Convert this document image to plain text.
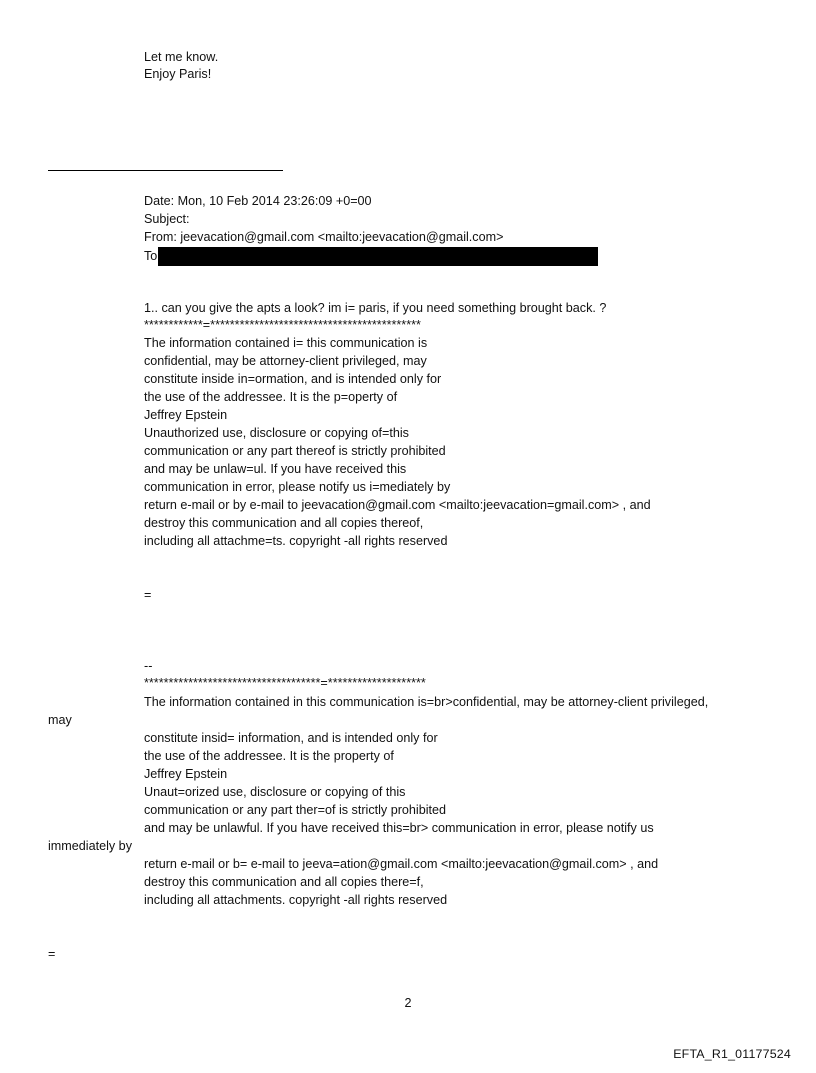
Let me know.
Enjoy Paris!
Date: Mon, 10 Feb 2014 23:26:09 +0=00
Subject:
From: jeevacation@gmail.com <mailto:jeevacation@gmail.com>
To
1.. can you give the apts a look? im i= paris, if you need something brought back. ?
************=*******************************************
The information contained i= this communication is
confidential, may be attorney-client privileged, may
constitute inside in=ormation, and is intended only for
the use of the addressee. It is the p=operty of
Jeffrey Epstein
Unauthorized use, disclosure or copying of=this
communication or any part thereof is strictly prohibited
and may be unlaw=ul. If you have received this
communication in error, please notify us i=mediately by
return e-mail or by e-mail to jeevacation@gmail.com <mailto:jeevacation=gmail.com> , and
destroy this communication and all copies thereof,
including all attachme=ts. copyright -all rights reserved
=
--
************************************=********************
The information contained in this communication is=br>confidential, may be attorney-client privileged,
may
constitute insid= information, and is intended only for
the use of the addressee. It is the property of
Jeffrey Epstein
Unaut=orized use, disclosure or copying of this
communication or any part ther=of is strictly prohibited
and may be unlawful. If you have received this=br> communication in error, please notify us
immediately by
return e-mail or b= e-mail to jeeva=ation@gmail.com <mailto:jeevacation@gmail.com> , and
destroy this communication and all copies there=f,
including all attachments. copyright -all rights reserved
=
2
EFTA_R1_01177524
